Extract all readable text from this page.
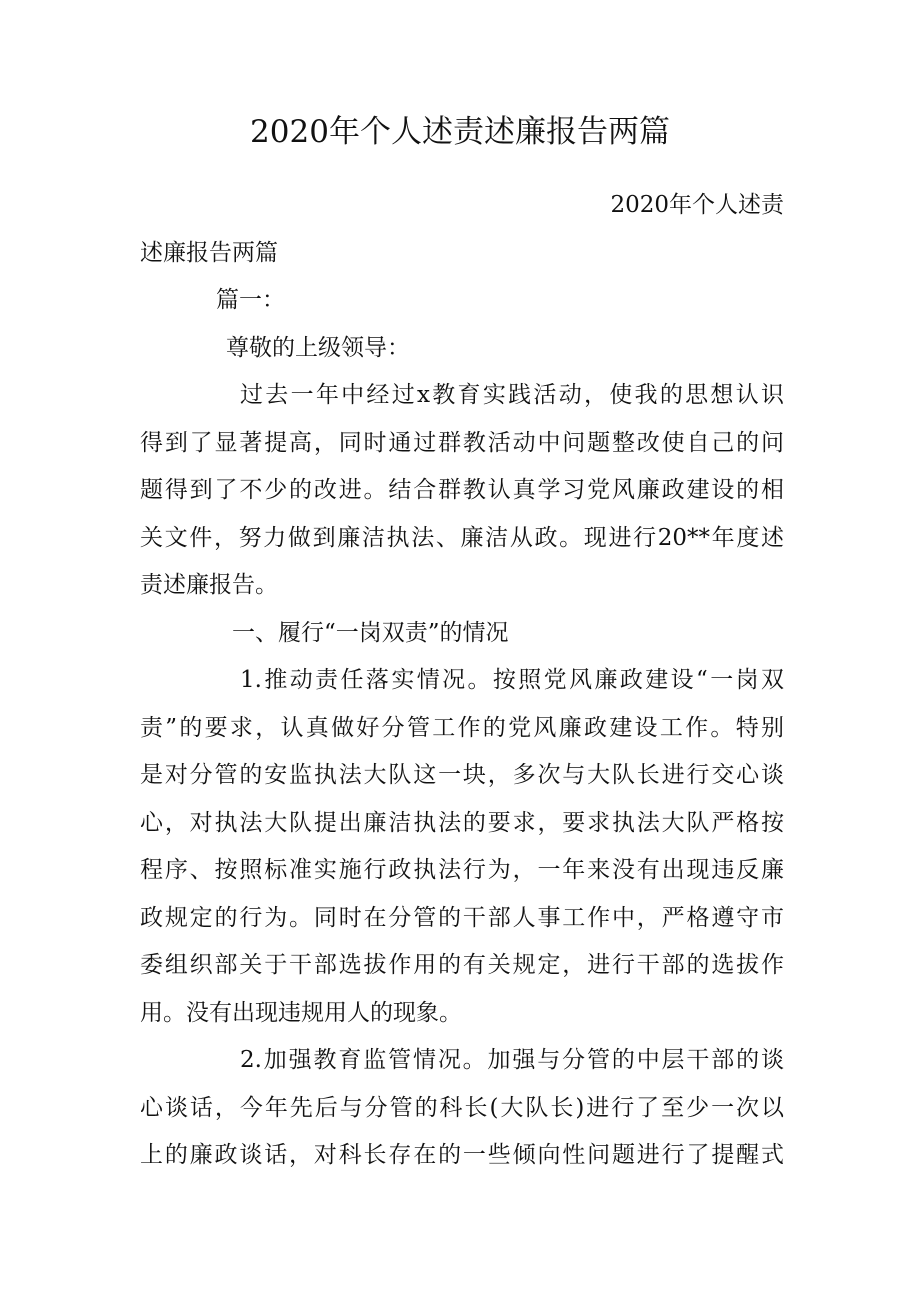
2020年个人述责述廉报告两篇
2020年个人述责
述廉报告两篇
篇一：
尊敬的上级领导：
过去一年中经过x教育实践活动，使我的思想认识
得到了显著提高，同时通过群教活动中问题整改使自己的问
题得到了不少的改进。结合群教认真学习党风廉政建设的相
关文件，努力做到廉洁执法、廉洁从政。现进行20**年度述
责述廉报告。
一、履行“一岗双责”的情况
1.推动责任落实情况。按照党风廉政建设“一岗双
责”的要求，认真做好分管工作的党风廉政建设工作。特别
是对分管的安监执法大队这一块，多次与大队长进行交心谈
心，对执法大队提出廉洁执法的要求，要求执法大队严格按
程序、按照标准实施行政执法行为，一年来没有出现违反廉
政规定的行为。同时在分管的干部人事工作中，严格遵守市
委组织部关于干部选拔作用的有关规定，进行干部的选拔作
用。没有出现违规用人的现象。
2.加强教育监管情况。加强与分管的中层干部的谈
心谈话，今年先后与分管的科长(大队长)进行了至少一次以
上的廉政谈话，对科长存在的一些倾向性问题进行了提醒式
